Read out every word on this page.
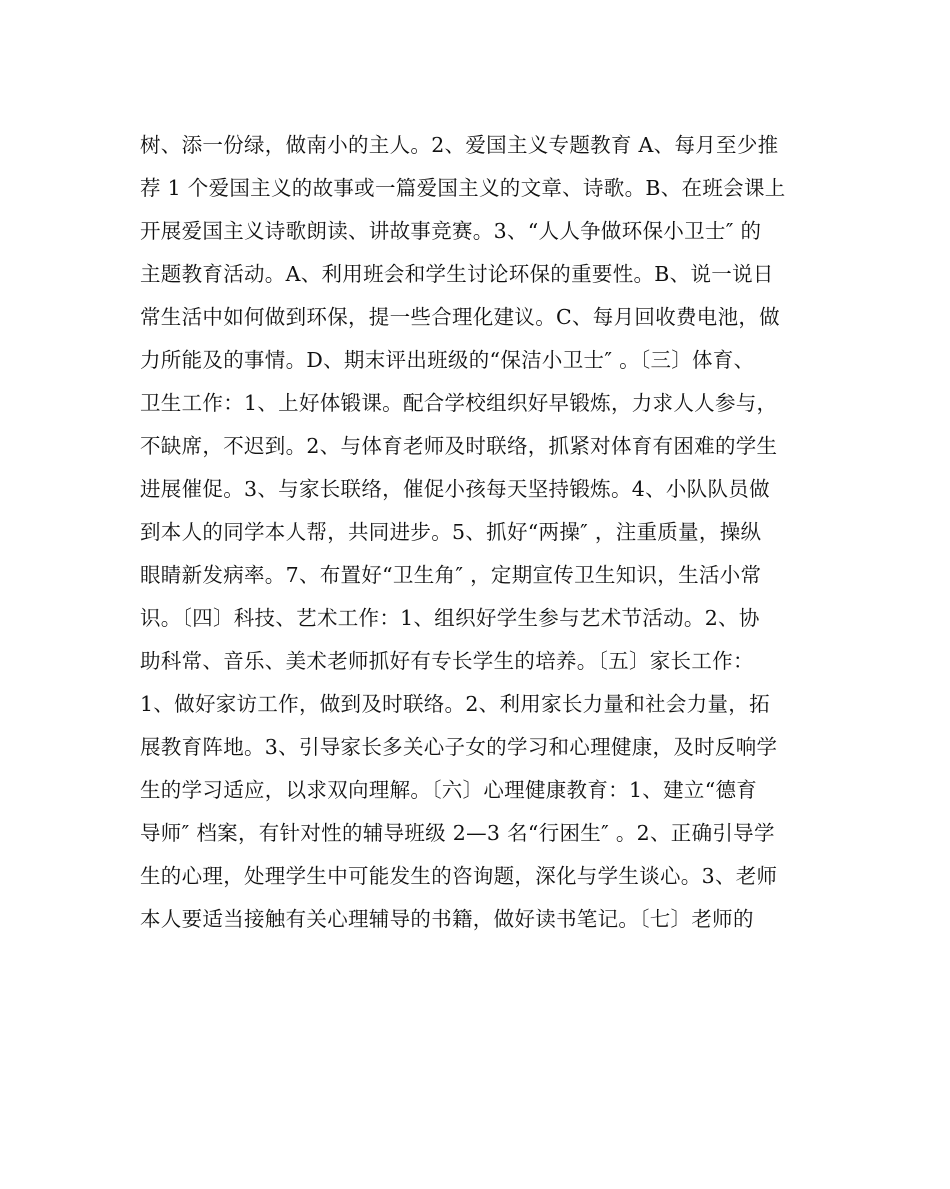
树、添一份绿，做南小的主人。2、爱国主义专题教育 A、每月至少推
荐 1 个爱国主义的故事或一篇爱国主义的文章、诗歌。B、在班会课上
开展爱国主义诗歌朗读、讲故事竞赛。3、“人人争做环保小卫士″ 的
主题教育活动。A、利用班会和学生讨论环保的重要性。B、说一说日
常生活中如何做到环保，提一些合理化建议。C、每月回收费电池，做
力所能及的事情。D、期末评出班级的“保洁小卫士″ 。〔三〕体育、
卫生工作：1、上好体锻课。配合学校组织好早锻炼，力求人人参与，
不缺席，不迟到。2、与体育老师及时联络，抓紧对体育有困难的学生
进展催促。3、与家长联络，催促小孩每天坚持锻炼。4、小队队员做
到本人的同学本人帮，共同进步。5、抓好“两操″ ，注重质量，操纵
眼睛新发病率。7、布置好“卫生角″ ，定期宣传卫生知识，生活小常
识。〔四〕科技、艺术工作：1、组织好学生参与艺术节活动。2、协
助科常、音乐、美术老师抓好有专长学生的培养。〔五〕家长工作：
1、做好家访工作，做到及时联络。2、利用家长力量和社会力量，拓
展教育阵地。3、引导家长多关心子女的学习和心理健康，及时反响学
生的学习适应，以求双向理解。〔六〕心理健康教育：1、建立“德育
导师″ 档案，有针对性的辅导班级 2—3 名“行困生″ 。2、正确引导学
生的心理，处理学生中可能发生的咨询题，深化与学生谈心。3、老师
本人要适当接触有关心理辅导的书籍，做好读书笔记。〔七〕老师的
